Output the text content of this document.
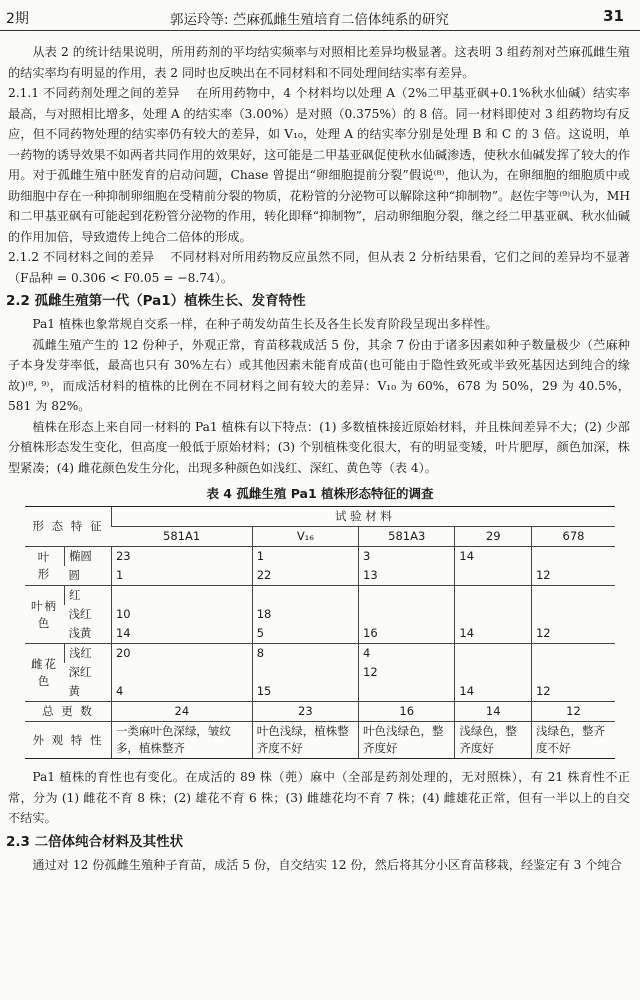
2期	郭运玲等: 苎麻孤雌生殖培育二倍体纯系的研究	31

从表 2 的统计结果说明，所用药剂的平均结实频率与对照相比差异均极显著。这表明 3 组药剂对苎麻孤雌生殖的结实率均有明显的作用，表 2 同时也反映出在不同材料和不同处理间结实率有差异。

2.1.1 不同药剂处理之间的差异 在所用药物中，4 个材料均以处理 A（2%二甲基亚砜+0.1%秋水仙碱）结实率最高，与对照相比增多，处理 A 的结实率（3.00%）是对照（0.375%）的 8 倍。同一材料即使对 3 组药物均有反应，但不同药物处理的结实率仍有较大的差异，如 V₁₀，处理 A 的结实率分别是处理 B 和 C 的 3 倍。这说明，单一药物的诱导效果不如两者共同作用的效果好，这可能是二甲基亚砜促使秋水仙碱渗透，使秋水仙碱发挥了较大的作用。对于孤雌生殖中胚发育的启动问题，Chase 曾提出“卵细胞提前分裂”假说⁽⁸⁾，他认为，在卵细胞的细胞质中或助细胞中存在一种抑制卵细胞在受精前分裂的物质，花粉管的分泌物可以解除这种“抑制物”。赵佐宇等⁽⁹⁾认为，MH 和二甲基亚砜有可能起到花粉管分泌物的作用，转化即释“抑制物”，启动卵细胞分裂，继之经二甲基亚砜、秋水仙碱的作用加倍，导致遗传上纯合二倍体的形成。

2.1.2 不同材料之间的差异 不同材料对所用药物反应虽然不同，但从表 2 分析结果看，它们之间的差异均不显著（F品种 = 0.306 < F0.05 = −8.74）。

2.2 孤雌生殖第一代（Pa1）植株生长、发育特性

Pa1 植株也象常规自交系一样，在种子萌发幼苗生长及各生长发育阶段呈现出多样性。

孤雌生殖产生的 12 份种子，外观正常，育苗移栽成活 5 份，其余 7 份由于诸多因素如种子数量极少（苎麻种子本身发芽率低，最高也只有 30%左右）或其他因素未能育成苗(也可能由于隐性致死或半致死基因达到纯合的缘故)⁽⁸, ⁹⁾，而成活材料的植株的比例在不同材料之间有较大的差异：V₁₀ 为 60%，678 为 50%，29 为 40.5%，581 为 82%。

植株在形态上来自同一材料的 Pa1 植株有以下特点：(1) 多数植株接近原始材料，并且株间差异不大；(2) 少部分植株形态发生变化，但高度一般低于原始材料；(3) 个别植株变化很大，有的明显变矮，叶片肥厚，颜色加深，株型紧凑；(4) 雌花颜色发生分化，出现多种颜色如浅红、深红、黄色等（表 4）。

表 4 孤雌生殖 Pa1 植株形态特征的调查
形 态 特 征		试 验 材 料				
		581A1	V₁₆	581A3	29	678
叶 形	椭圆	23	1	3	14	
	圆	1	22	13		12
叶柄色	红					
	浅红	10	18			
	浅黄	14	5	16	14	12
雌花色	浅红	20	8	4		
	深红			12		
	黄	4	15		14	12
总 更 数		24	23	16	14	12
外 观 特 性		一类麻叶色深绿，皱纹多，植株整齐	叶色浅绿，植株整齐度不好	叶色浅绿色，整齐度好	浅绿色，整齐度好	浅绿色，整齐度不好

Pa1 植株的育性也有变化。在成活的 89 株（蔸）麻中（全部是药剂处理的，无对照株），有 21 株育性不正常，分为 (1) 雌花不育 8 株；(2) 雄花不育 6 株；(3) 雌雄花均不育 7 株；(4) 雌雄花正常，但有一半以上的自交不结实。

2.3 二倍体纯合材料及其性状

通过对 12 份孤雌生殖种子育苗，成活 5 份，自交结实 12 份，然后将其分小区育苗移栽，经鉴定有 3 个纯合
